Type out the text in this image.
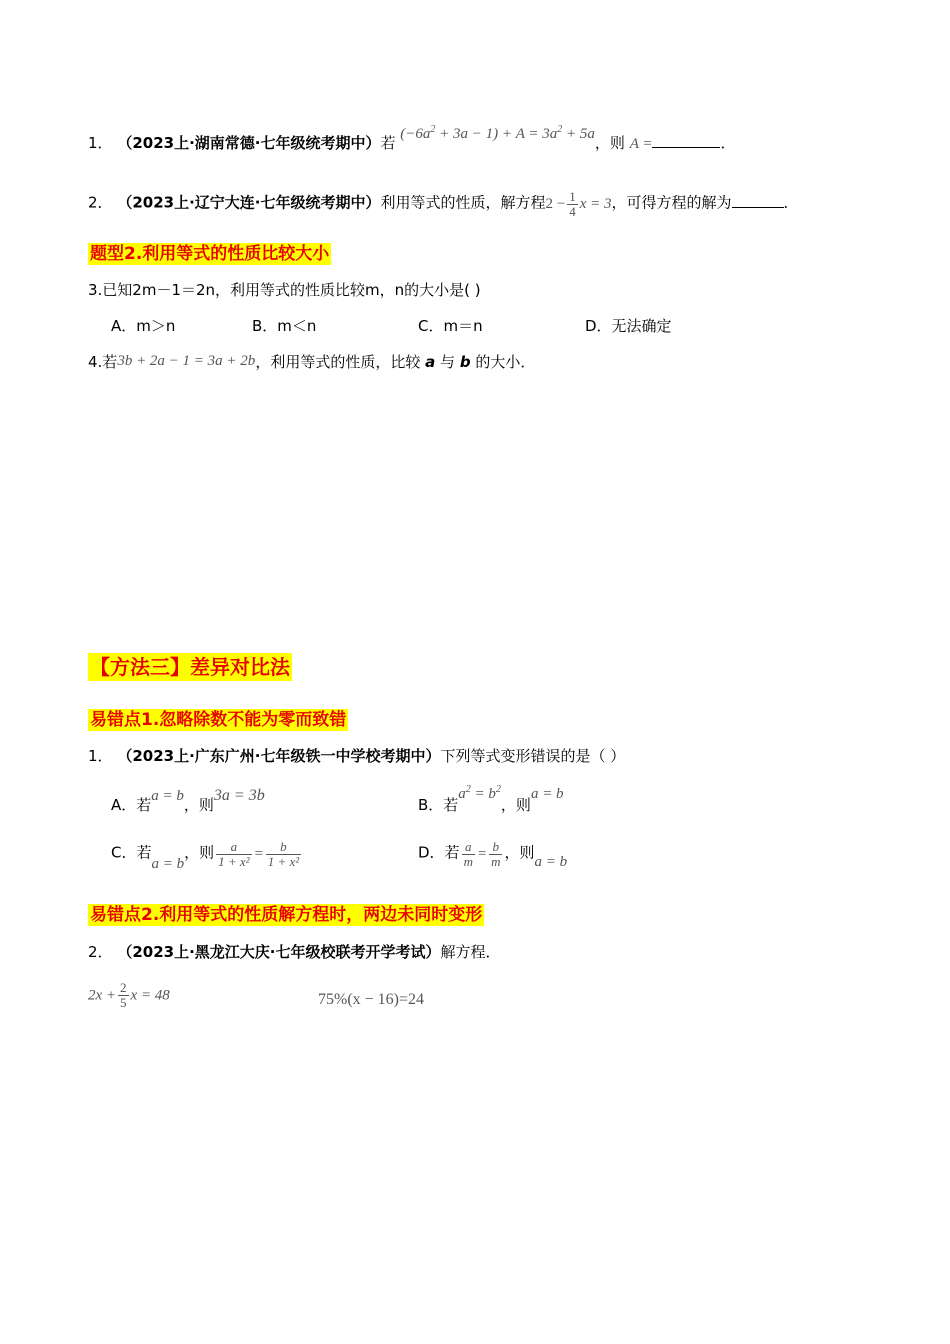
1． （2023上·湖南常德·七年级统考期中）若 $(-6a^2 + 3a - 1) + A = 3a^2 + 5a$，则 A =	．
2． （2023上·辽宁大连·七年级统考期中）利用等式的性质，解方程$2 - \frac{1}{4}$ x = 3，可得方程的解为	．
题型2.利用等式的性质比较大小
3.已知2m－1＝2n，利用等式的性质比较m，n的大小是( )
A．m＞n	B．m＜n	C．m＝n	D．无法确定
4.若3b + 2a − 1 = 3a + 2b，利用等式的性质，比较 a 与 b 的大小．
【方法三】差异对比法
易错点1.忽略除数不能为零而致错
1． （2023上·广东广州·七年级铁一中学校考期中）下列等式变形错误的是（ ）
A．若a = b，则3a = 3b
B．若$a^2 = b^2$，则a = b
C．若a = b，则 $\frac{a}{\text{1 + x²}} = \frac{b}{\text{1 + x²}}$	D．若 $\frac{a}{m} = \frac{b}{m}$ ，则a = b
易错点2.利用等式的性质解方程时，两边未同时变形
2． （2023上·黑龙江大庆·七年级校联考开学考试）解方程．
$2x + \frac{2}{5}$ x = 48	75%(x − 16)=24
